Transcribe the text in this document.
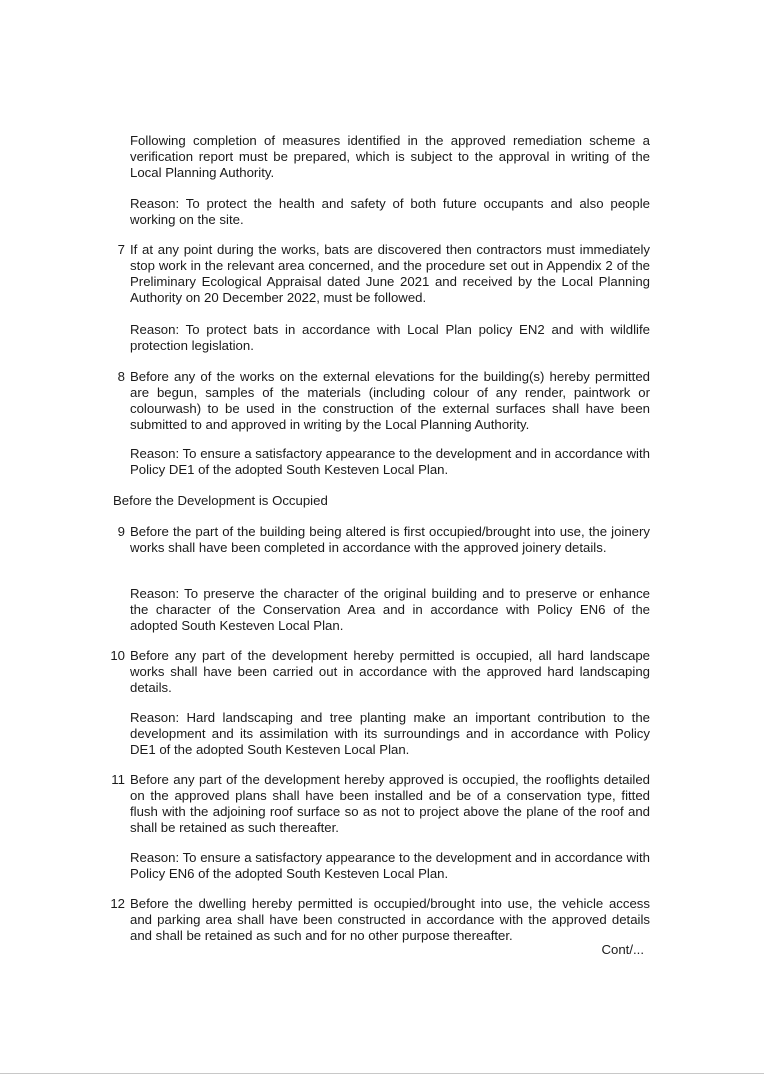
Following completion of measures identified in the approved remediation scheme a verification report must be prepared, which is subject to the approval in writing of the Local Planning Authority.
Reason: To protect the health and safety of both future occupants and also people working on the site.
7 If at any point during the works, bats are discovered then contractors must immediately stop work in the relevant area concerned, and the procedure set out in Appendix 2 of the Preliminary Ecological Appraisal dated June 2021 and received by the Local Planning Authority on 20 December 2022, must be followed.
Reason: To protect bats in accordance with Local Plan policy EN2 and with wildlife protection legislation.
8 Before any of the works on the external elevations for the building(s) hereby permitted are begun, samples of the materials (including colour of any render, paintwork or colourwash) to be used in the construction of the external surfaces shall have been submitted to and approved in writing by the Local Planning Authority.
Reason: To ensure a satisfactory appearance to the development and in accordance with Policy DE1 of the adopted South Kesteven Local Plan.
Before the Development is Occupied
9 Before the part of the building being altered is first occupied/brought into use, the joinery works shall have been completed in accordance with the approved joinery details.
Reason: To preserve the character of the original building and to preserve or enhance the character of the Conservation Area and in accordance with Policy EN6 of the adopted South Kesteven Local Plan.
10 Before any part of the development hereby permitted is occupied, all hard landscape works shall have been carried out in accordance with the approved hard landscaping details.
Reason: Hard landscaping and tree planting make an important contribution to the development and its assimilation with its surroundings and in accordance with Policy DE1 of the adopted South Kesteven Local Plan.
11 Before any part of the development hereby approved is occupied, the rooflights detailed on the approved plans shall have been installed and be of a conservation type, fitted flush with the adjoining roof surface so as not to project above the plane of the roof and shall be retained as such thereafter.
Reason: To ensure a satisfactory appearance to the development and in accordance with Policy EN6 of the adopted South Kesteven Local Plan.
12 Before the dwelling hereby permitted is occupied/brought into use, the vehicle access and parking area shall have been constructed in accordance with the approved details and shall be retained as such and for no other purpose thereafter.
Cont/...
